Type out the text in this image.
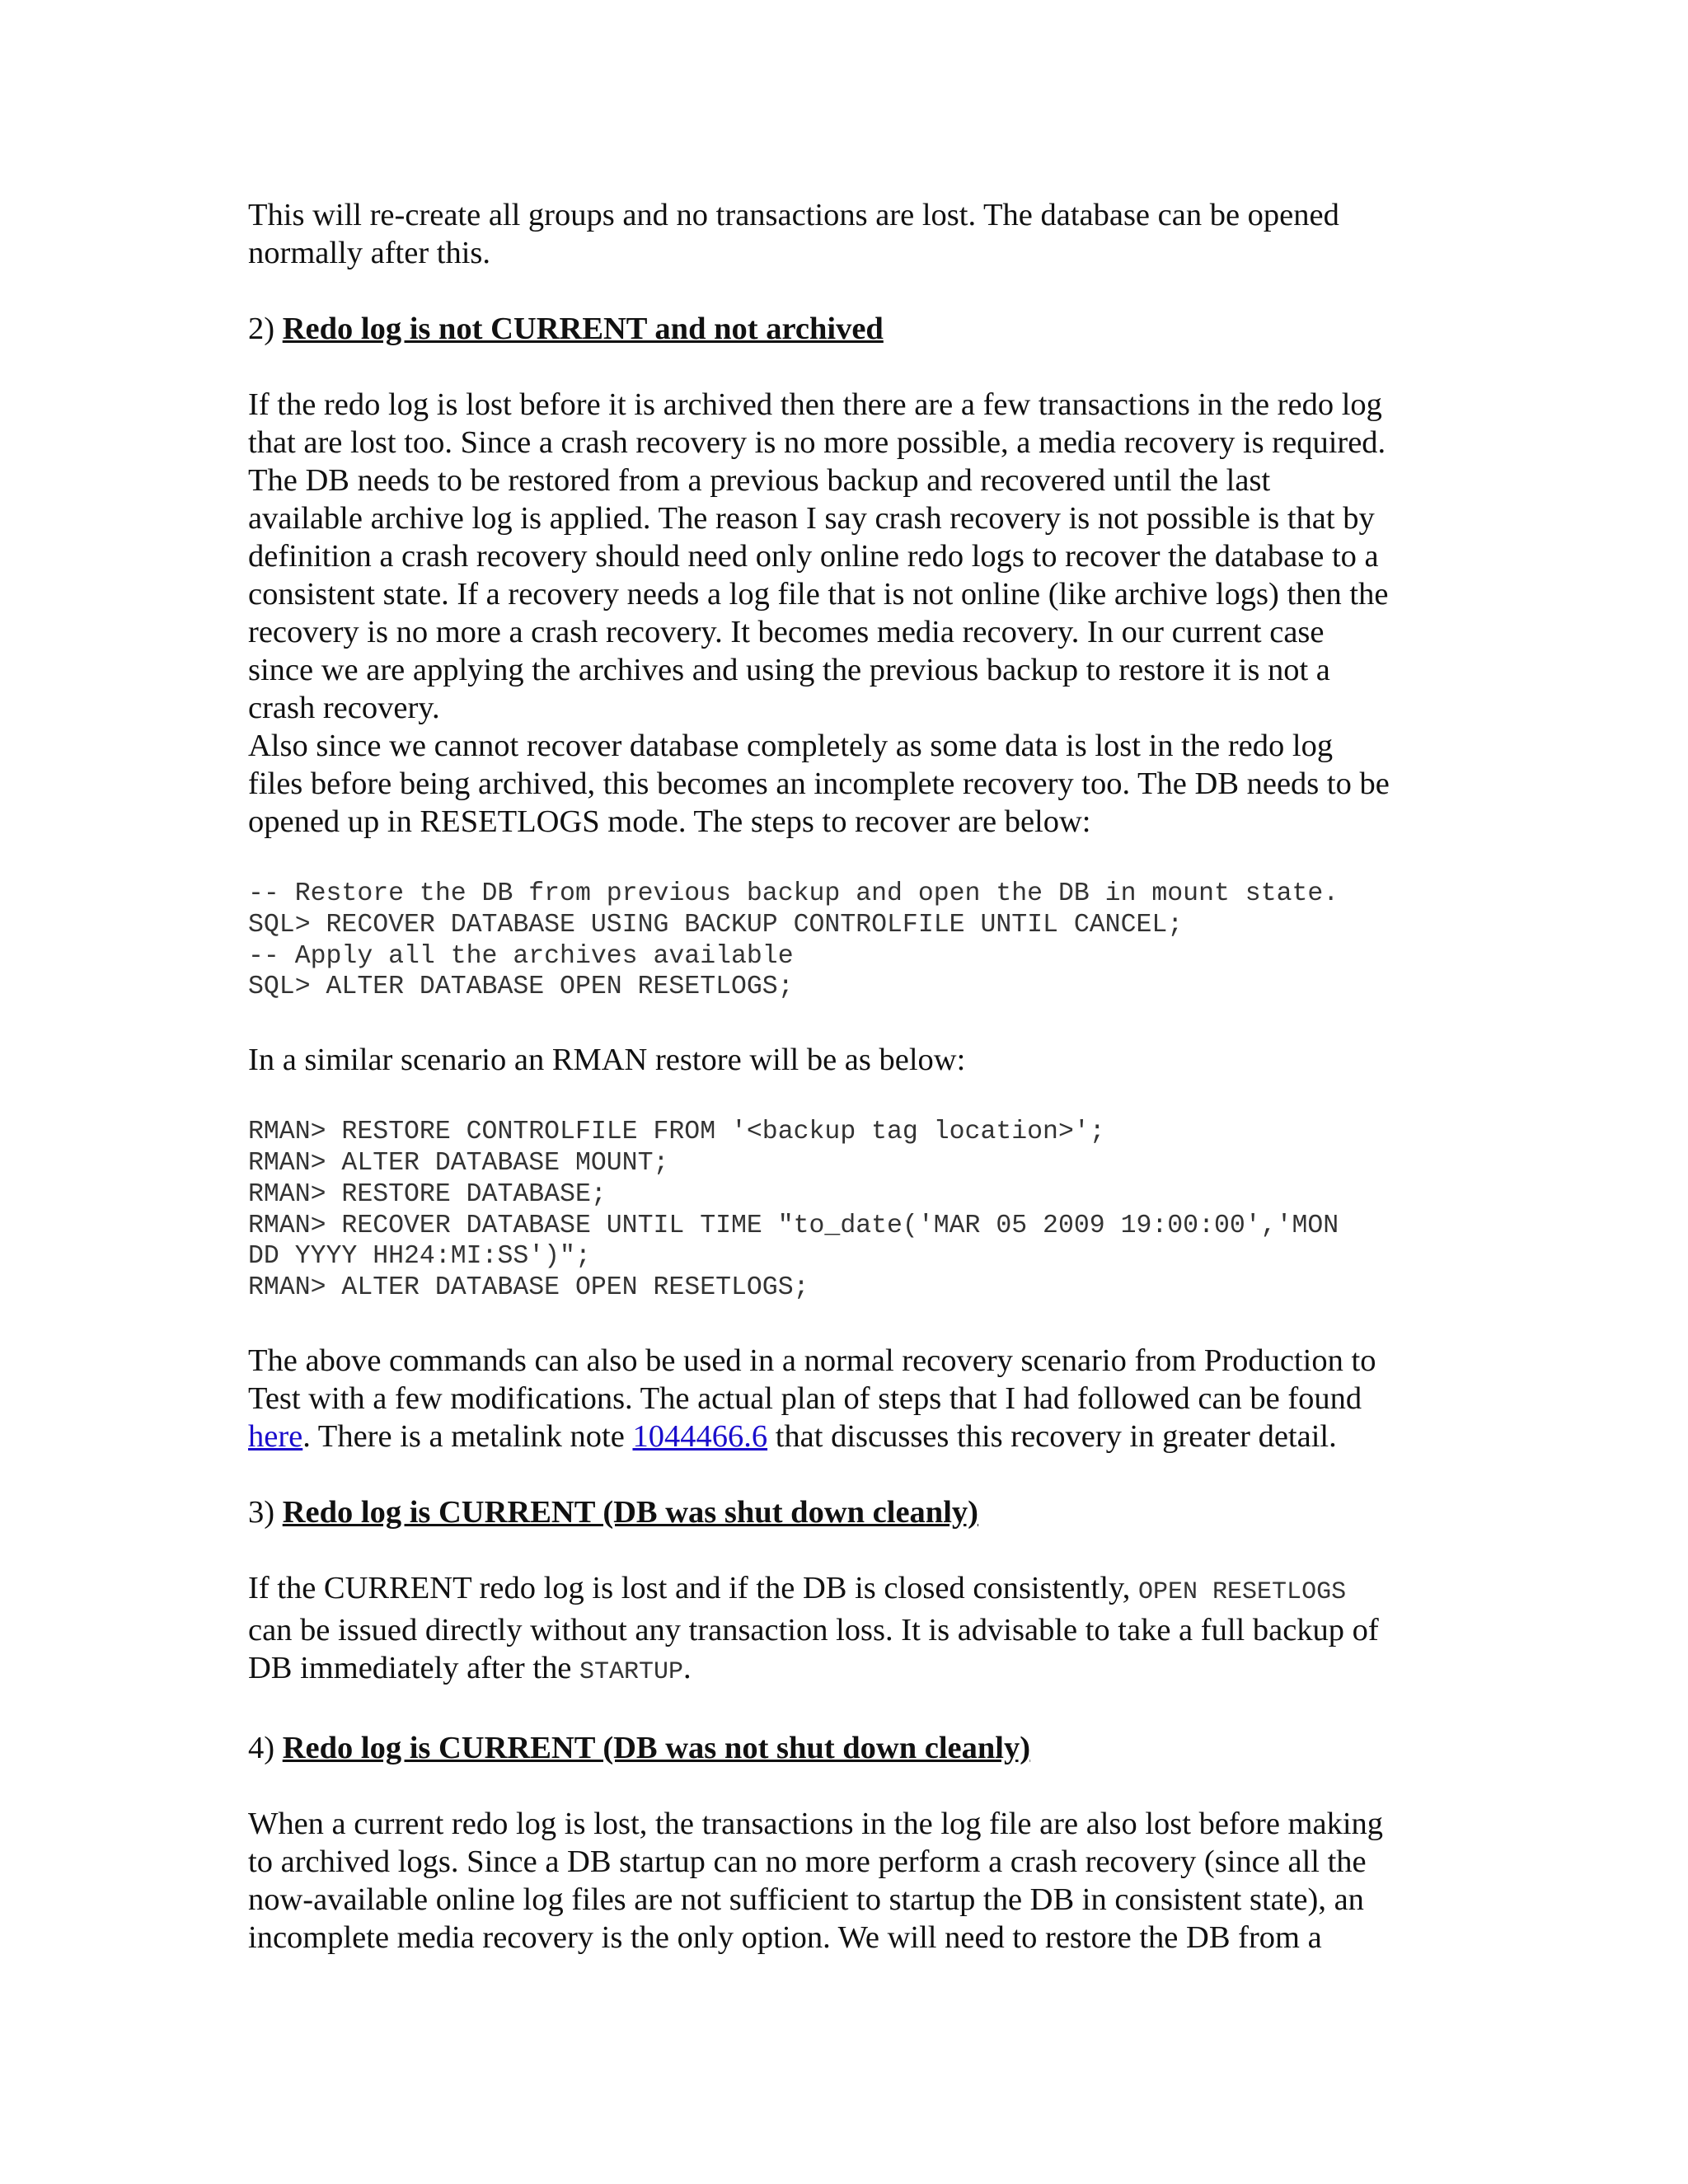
This will re-create all groups and no transactions are lost. The database can be opened
normally after this.

2) Redo log is not CURRENT and not archived

If the redo log is lost before it is archived then there are a few transactions in the redo log
that are lost too. Since a crash recovery is no more possible, a media recovery is required.
The DB needs to be restored from a previous backup and recovered until the last
available archive log is applied. The reason I say crash recovery is not possible is that by
definition a crash recovery should need only online redo logs to recover the database to a
consistent state. If a recovery needs a log file that is not online (like archive logs) then the
recovery is no more a crash recovery. It becomes media recovery. In our current case
since we are applying the archives and using the previous backup to restore it is not a
crash recovery.

Also since we cannot recover database completely as some data is lost in the redo log
files before being archived, this becomes an incomplete recovery too. The DB needs to be
opened up in RESETLOGS mode. The steps to recover are below:

-- Restore the DB from previous backup and open the DB in mount state.
SQL> RECOVER DATABASE USING BACKUP CONTROLFILE UNTIL CANCEL;
-- Apply all the archives available
SQL> ALTER DATABASE OPEN RESETLOGS;

In a similar scenario an RMAN restore will be as below:

RMAN> RESTORE CONTROLFILE FROM '<backup tag location>';
RMAN> ALTER DATABASE MOUNT;
RMAN> RESTORE DATABASE;
RMAN> RECOVER DATABASE UNTIL TIME "to_date('MAR 05 2009 19:00:00','MON
DD YYYY HH24:MI:SS')";
RMAN> ALTER DATABASE OPEN RESETLOGS;

The above commands can also be used in a normal recovery scenario from Production to
Test with a few modifications. The actual plan of steps that I had followed can be found
here. There is a metalink note 1044466.6 that discusses this recovery in greater detail.

3) Redo log is CURRENT (DB was shut down cleanly)

If the CURRENT redo log is lost and if the DB is closed consistently, OPEN RESETLOGS
can be issued directly without any transaction loss. It is advisable to take a full backup of
DB immediately after the STARTUP.

4) Redo log is CURRENT (DB was not shut down cleanly)

When a current redo log is lost, the transactions in the log file are also lost before making
to archived logs. Since a DB startup can no more perform a crash recovery (since all the
now-available online log files are not sufficient to startup the DB in consistent state), an
incomplete media recovery is the only option. We will need to restore the DB from a
